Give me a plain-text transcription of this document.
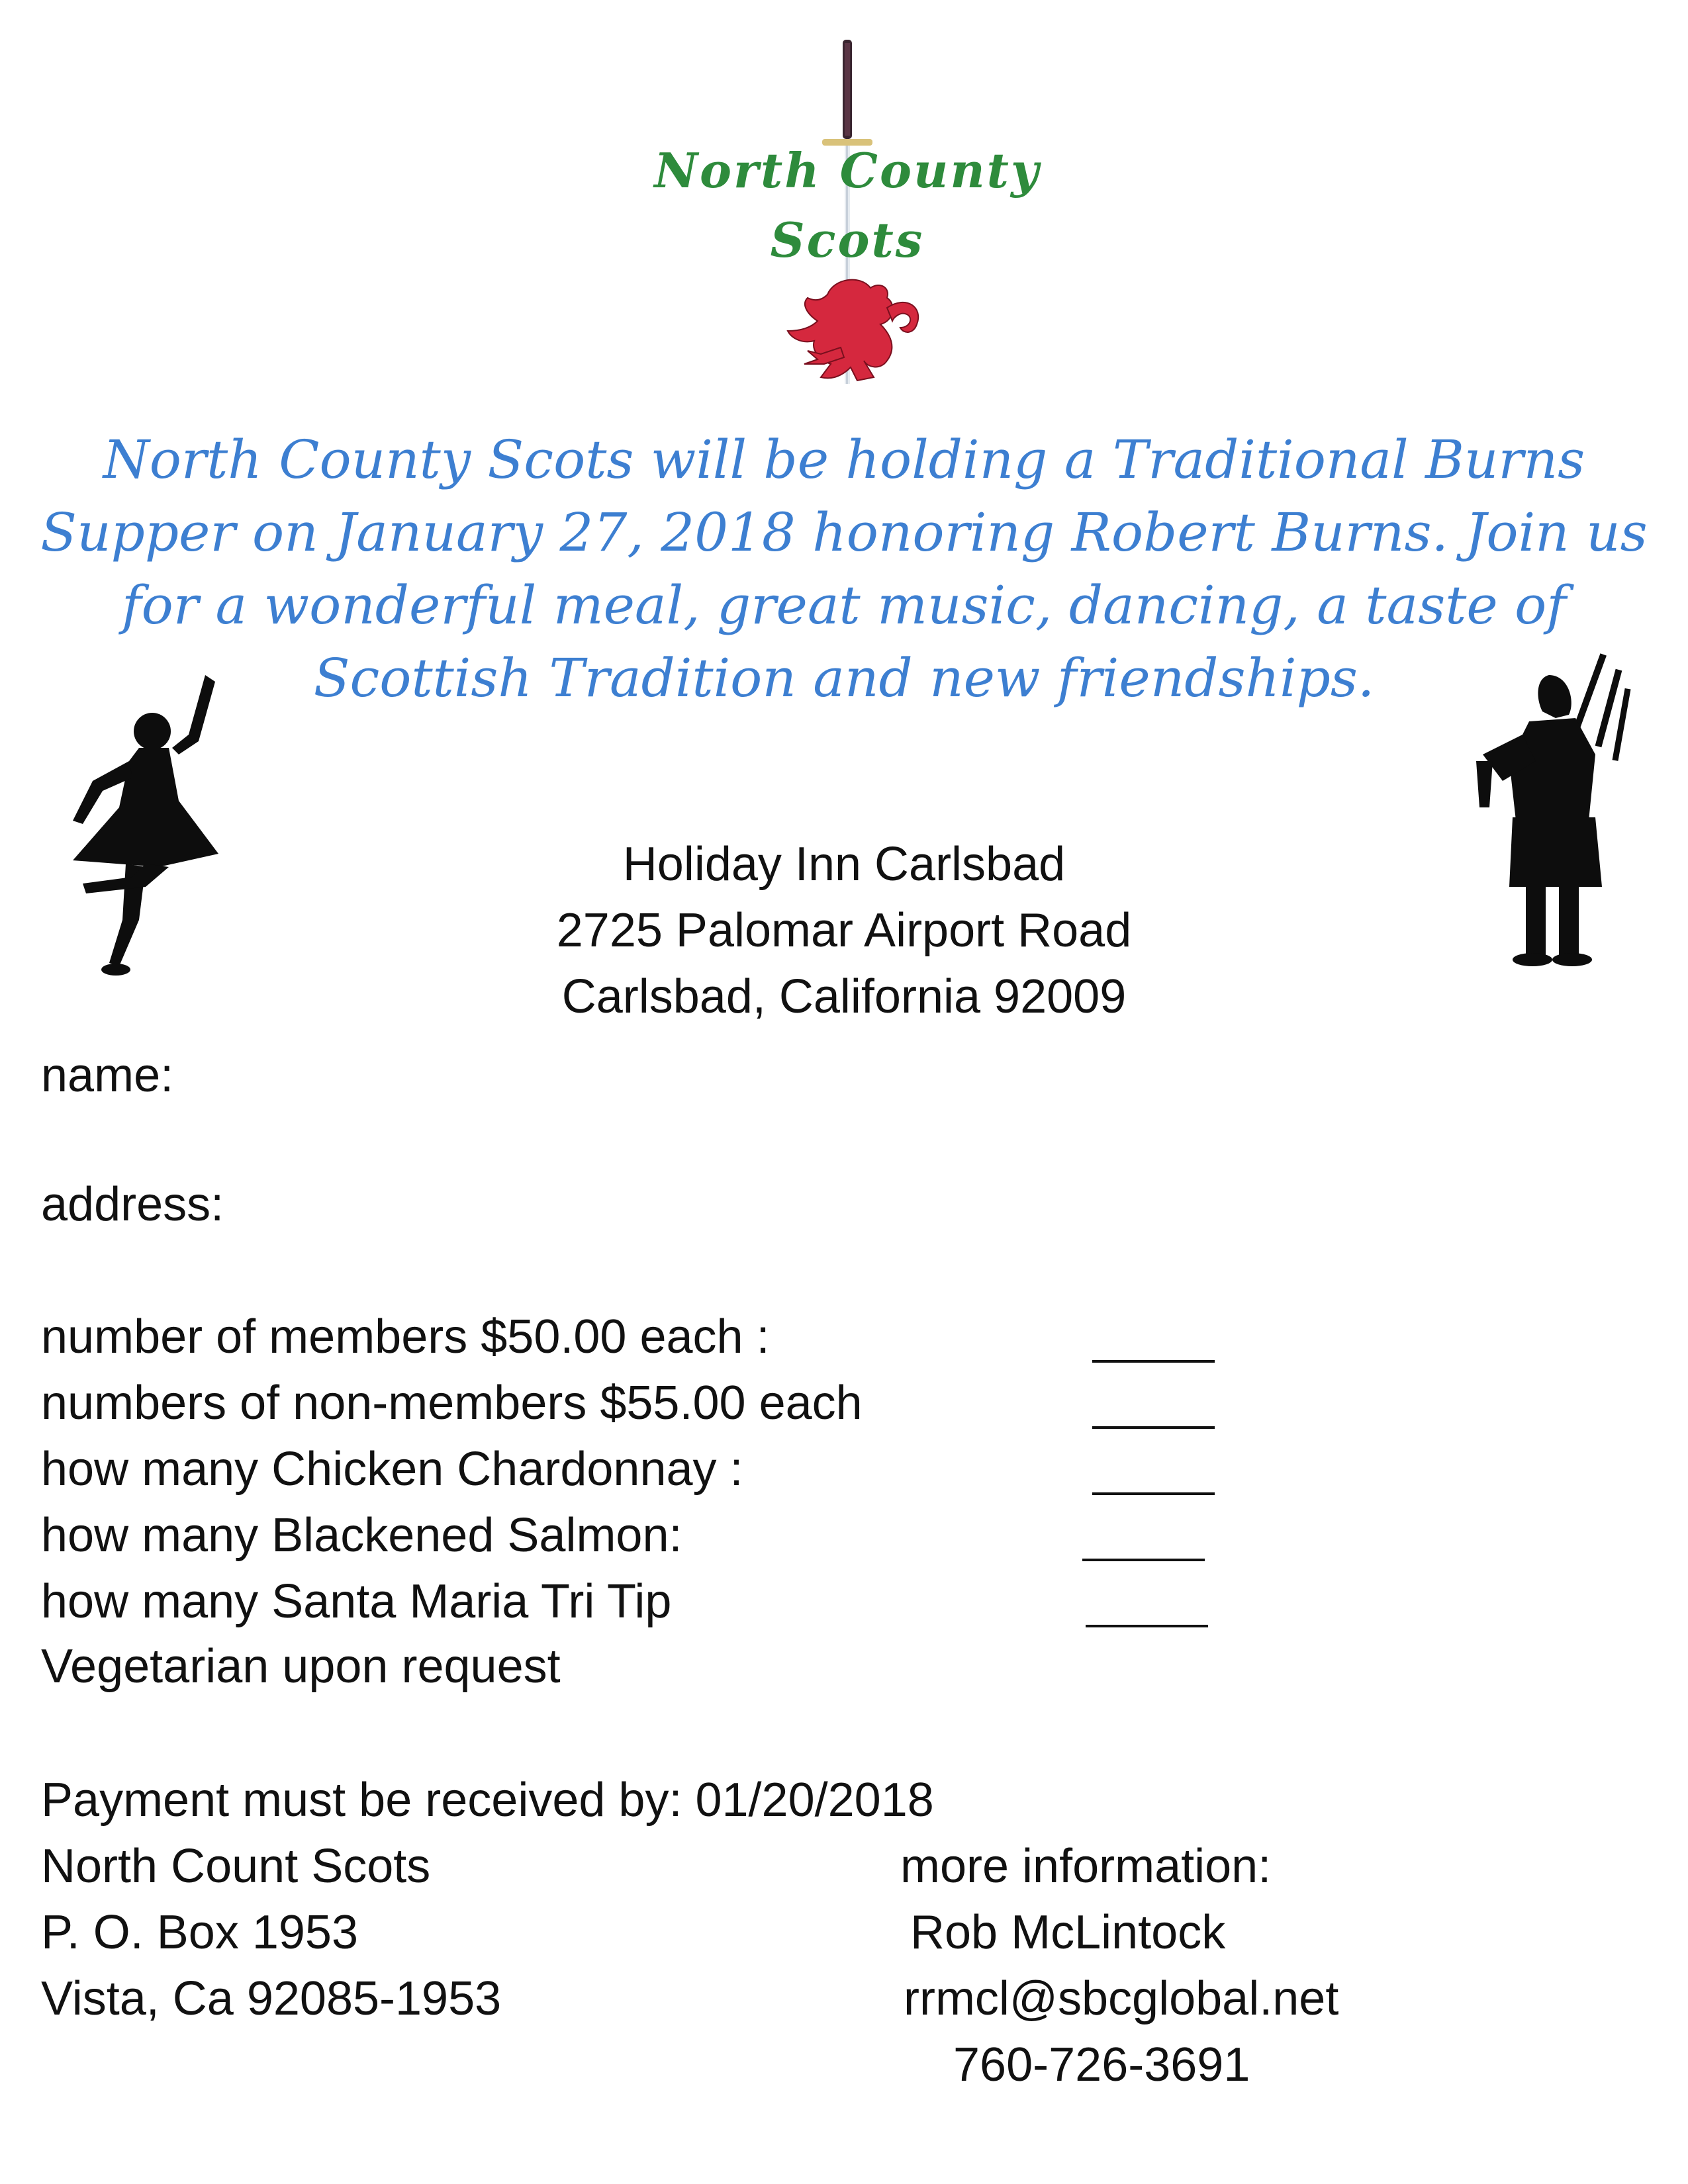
North County
Scots
North County Scots will be holding a Traditional Burns Supper on January 27, 2018 honoring Robert Burns. Join us for a wonderful meal, great music, dancing, a taste of Scottish Tradition and new friendships.
Holiday Inn Carlsbad
2725 Palomar Airport Road
Carlsbad, California 92009
name:
address:
number of members $50.00 each :
numbers of non-members $55.00 each
how many Chicken Chardonnay :
how many Blackened Salmon:
how many Santa Maria Tri Tip
Vegetarian upon request
Payment must be received by: 01/20/2018
North Count Scots
P. O. Box 1953
Vista, Ca 92085-1953
more information:
Rob McLintock
rrmcl@sbcglobal.net
760-726-3691
